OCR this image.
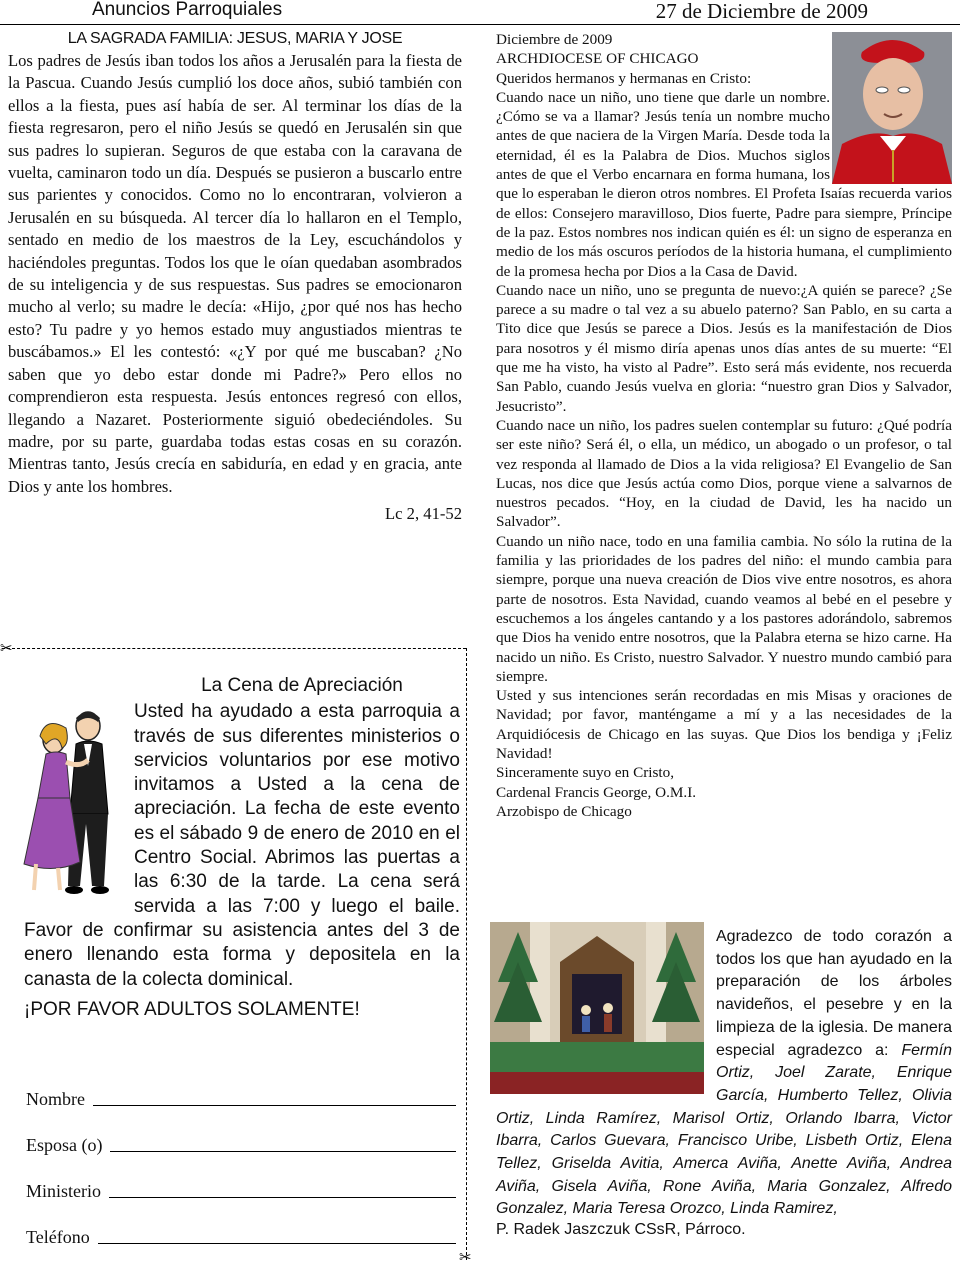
Anuncios Parroquiales	27 de Diciembre de 2009

LA SAGRADA FAMILIA: JESUS, MARIA Y JOSE

Los padres de Jesús iban todos los años a Jerusalén para la fiesta de la Pascua. Cuando Jesús cumplió los doce años, subió también con ellos a la fiesta, pues así había de ser. Al terminar los días de la fiesta regresaron, pero el niño Jesús se quedó en Jerusalén sin que sus padres lo supieran. Seguros de que estaba con la caravana de vuelta, caminaron todo un día. Después se pusieron a buscarlo entre sus parientes y conocidos. Como no lo encontraran, volvieron a Jerusalén en su búsqueda. Al tercer día lo hallaron en el Templo, sentado en medio de los maestros de la Ley, escuchándolos y haciéndoles preguntas. Todos los que le oían quedaban asombrados de su inteligencia y de sus respuestas. Sus padres se emocionaron mucho al verlo; su madre le decía: «Hijo, ¿por qué nos has hecho esto? Tu padre y yo hemos estado muy angustiados mientras te buscábamos.» El les contestó: «¿Y por qué me buscaban? ¿No saben que yo debo estar donde mi Padre?» Pero ellos no comprendieron esta respuesta. Jesús entonces regresó con ellos, llegando a Nazaret. Posteriormente siguió obedeciéndoles. Su madre, por su parte, guardaba todas estas cosas en su corazón. Mientras tanto, Jesús crecía en sabiduría, en edad y en gracia, ante Dios y ante los hombres.

Lc 2, 41-52

✂
✂

La Cena de Apreciación

Usted ha ayudado a esta parroquia a través de sus diferentes ministerios o servicios voluntarios por ese motivo invitamos a Usted a la cena de apreciación. La fecha de este evento es el sábado 9 de enero de 2010 en el Centro Social. Abrimos las puertas a las 6:30 de la tarde. La cena será servida a las 7:00 y luego el baile. Favor de confirmar su asistencia antes del 3 de enero llenando esta forma y depositela en la canasta de la colecta dominical.

¡POR FAVOR ADULTOS SOLAMENTE!

Nombre
Esposa (o)
Ministerio
Teléfono

Diciembre de 2009

ARCHDIOCESE OF CHICAGO

Queridos hermanos y hermanas en Cristo:

Cuando nace un niño, uno tiene que darle un nombre. ¿Cómo se va a llamar? Jesús tenía un nombre mucho antes de que naciera de la Virgen María. Desde toda la eternidad, él es la Palabra de Dios. Muchos siglos antes de que el Verbo encarnara en forma humana, los que lo esperaban le dieron otros nombres. El Profeta Isaías recuerda varios de ellos: Consejero maravilloso, Dios fuerte, Padre para siempre, Príncipe de la paz. Estos nombres nos indican quién es él: un signo de esperanza en medio de los más oscuros períodos de la historia humana, el cumplimiento de la promesa hecha por Dios a la Casa de David.

Cuando nace un niño, uno se pregunta de nuevo:¿A quién se parece? ¿Se parece a su madre o tal vez a su abuelo paterno? San Pablo, en su carta a Tito dice que Jesús se parece a Dios. Jesús es la manifestación de Dios para nosotros y él mismo diría apenas unos días antes de su muerte: “El que me ha visto, ha visto al Padre”. Esto será más evidente, nos recuerda San Pablo, cuando Jesús vuelva en gloria: “nuestro gran Dios y Salvador, Jesucristo”.

Cuando nace un niño, los padres suelen contemplar su futuro: ¿Qué podría ser este niño? Será él, o ella, un médico, un abogado o un profesor, o tal vez responda al llamado de Dios a la vida religiosa? El Evangelio de San Lucas, nos dice que Jesús actúa como Dios, porque viene a salvarnos de nuestros pecados. “Hoy, en la ciudad de David, les ha nacido un Salvador”.

Cuando un niño nace, todo en una familia cambia. No sólo la rutina de la familia y las prioridades de los padres del niño: el mundo cambia para siempre, porque una nueva creación de Dios vive entre nosotros, es ahora parte de nosotros. Esta Navidad, cuando veamos al bebé en el pesebre y escuchemos a los ángeles cantando y a los pastores adorándolo, sabremos que Dios ha venido entre nosotros, que la Palabra eterna se hizo carne. Ha nacido un niño. Es Cristo, nuestro Salvador. Y nuestro mundo cambió para siempre.

Usted y sus intenciones serán recordadas en mis Misas y oraciones de Navidad; por favor, manténgame a mí y a las necesidades de la Arquidiócesis de Chicago en las suyas. Que Dios los bendiga y ¡Feliz Navidad!

Sinceramente suyo en Cristo,

Cardenal Francis George, O.M.I.

Arzobispo de Chicago

Agradezco de todo corazón a todos los que han ayudado en la preparación de los árboles navideños, el pesebre y en la limpieza de la iglesia. De manera especial agradezco a: Fermín Ortiz, Joel Zarate, Enrique García, Humberto Tellez, Olivia Ortiz, Linda Ramírez, Marisol Ortiz, Orlando Ibarra, Victor Ibarra, Carlos Guevara, Francisco Uribe, Lisbeth Ortiz, Elena Tellez, Griselda Avitia, Amerca Aviña, Anette Aviña, Andrea Aviña, Gisela Aviña, Rone Aviña, Maria Gonzalez, Alfredo Gonzalez, Maria Teresa Orozco, Linda Ramirez,

P. Radek Jaszczuk CSsR, Párroco.
